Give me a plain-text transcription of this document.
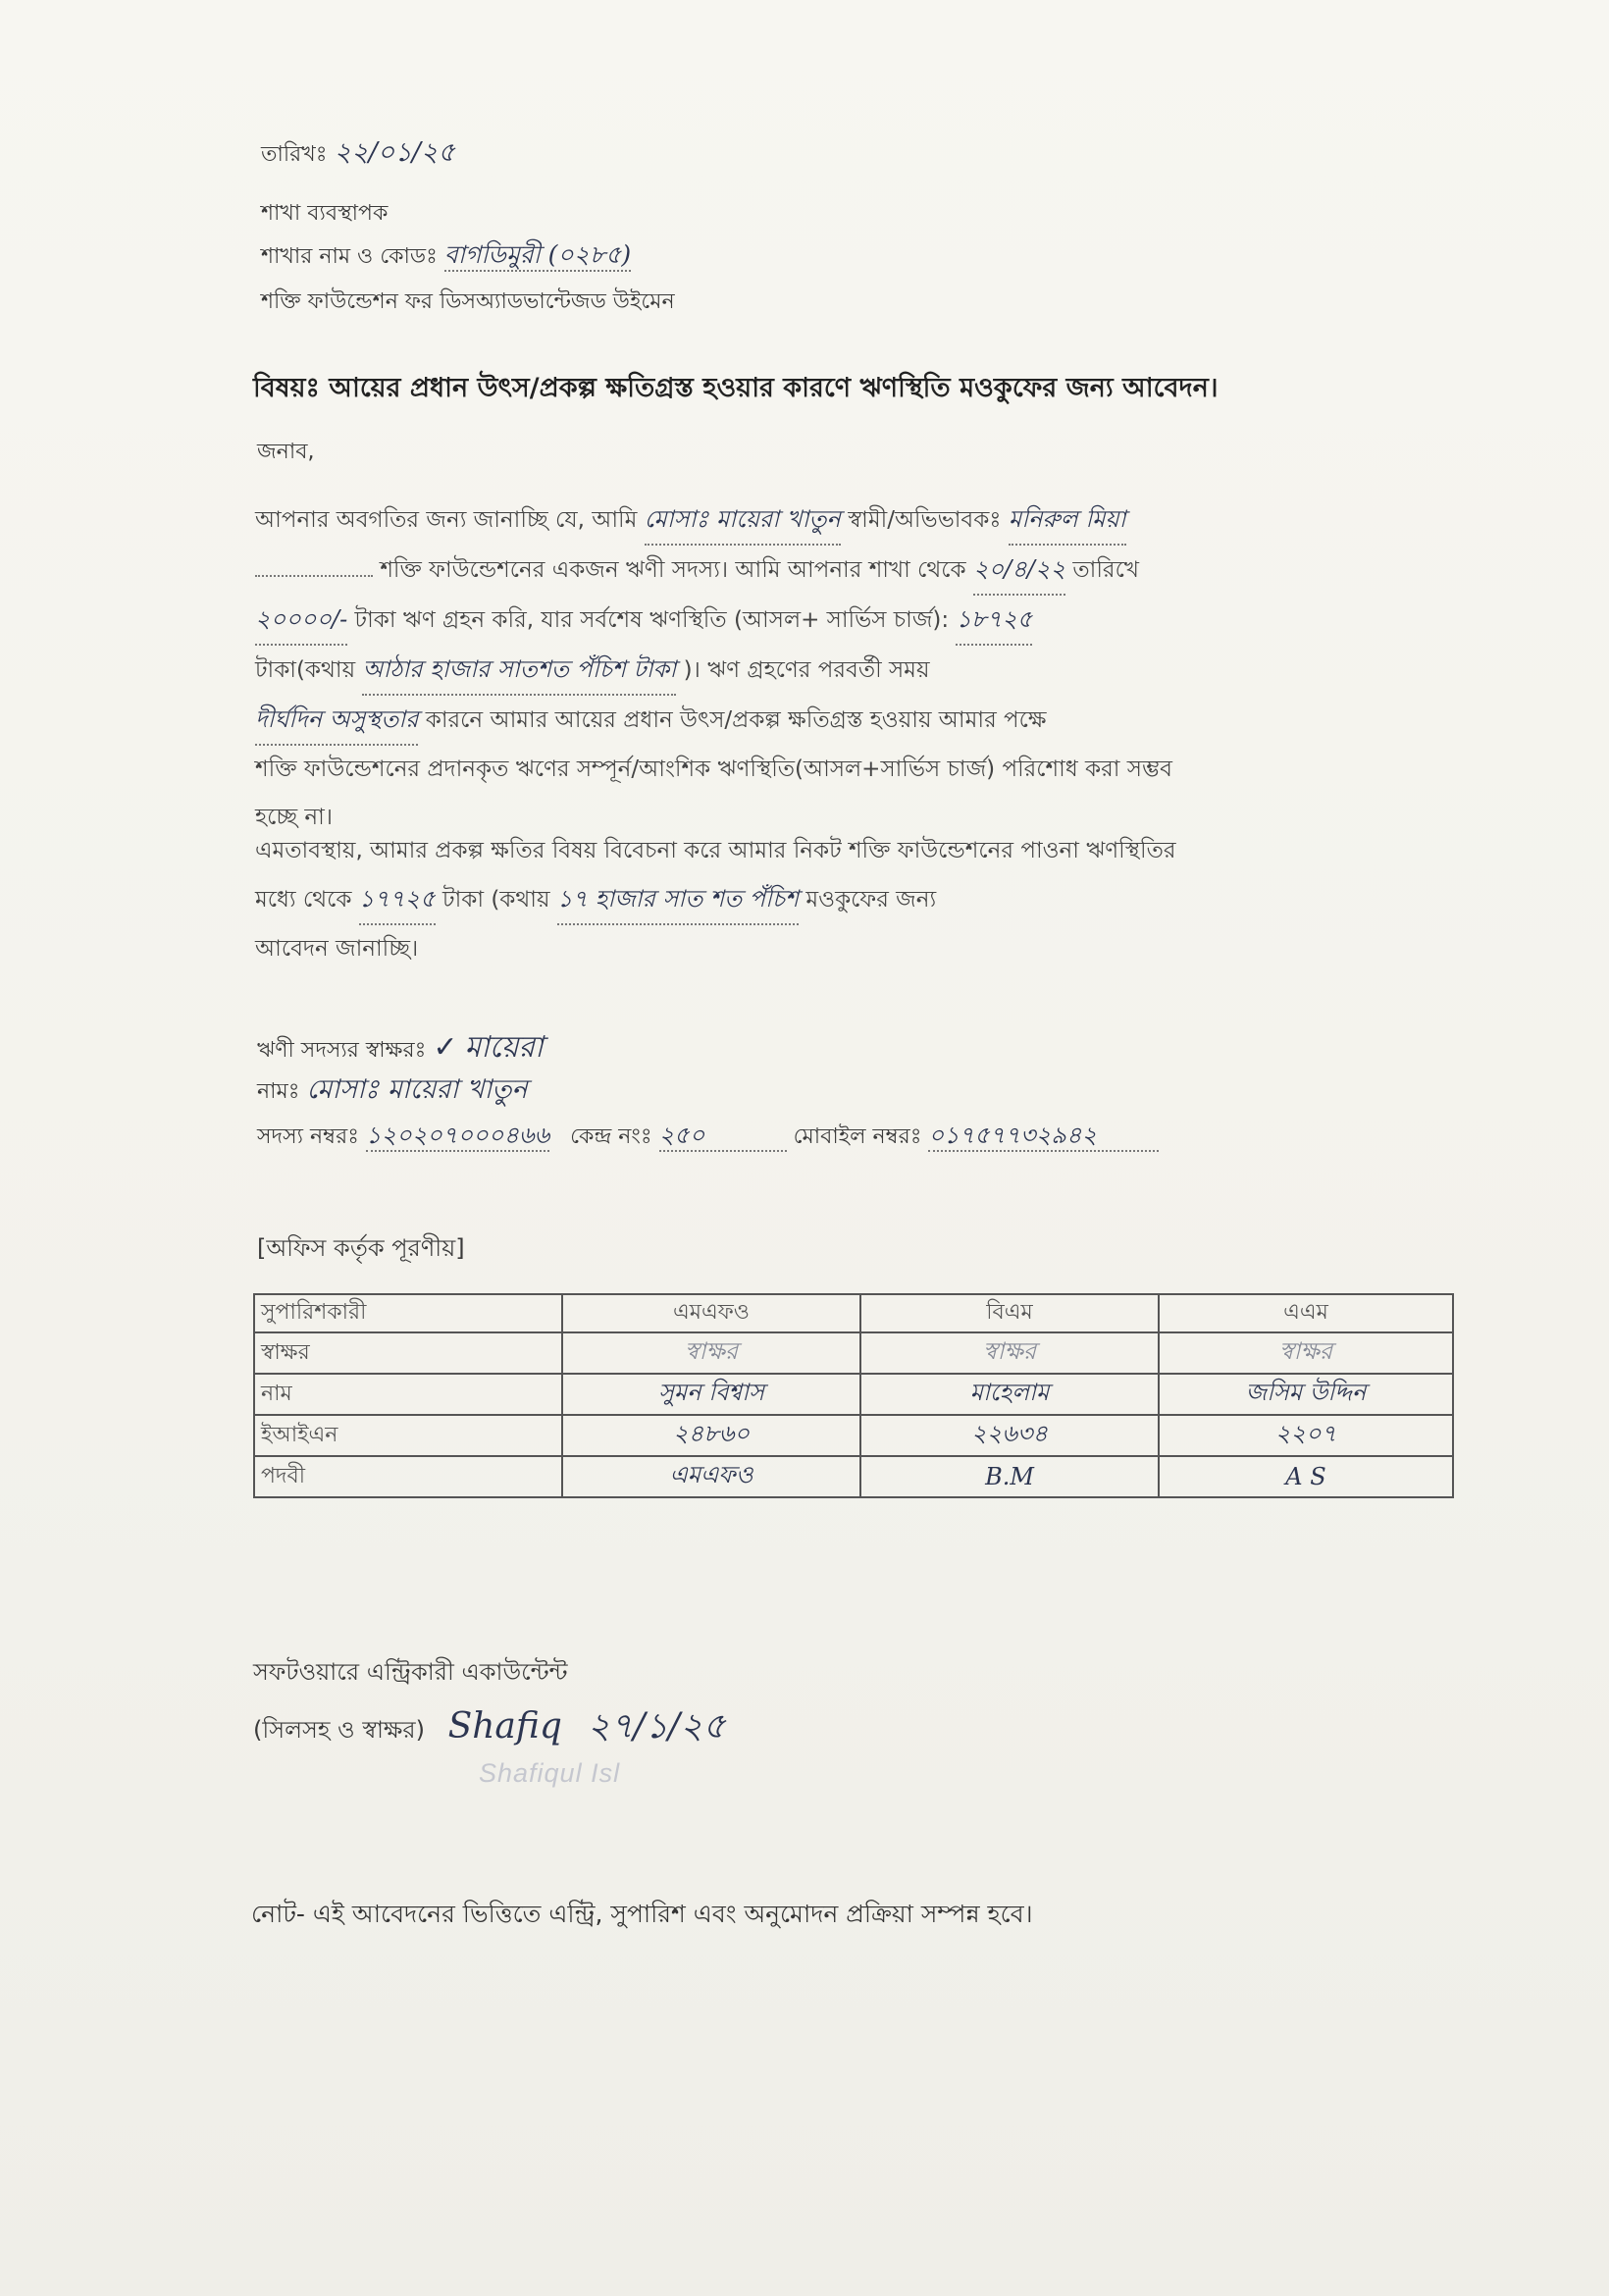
তারিখঃ ২২/০১/২৫
শাখা ব্যবস্থাপক
শাখার নাম ও কোডঃ বাগডিমুরী (০২৮৫)
শক্তি ফাউন্ডেশন ফর ডিসঅ্যাডভান্টেজড উইমেন
বিষয়ঃ আয়ের প্রধান উৎস/প্রকল্প ক্ষতিগ্রস্ত হওয়ার কারণে ঋণস্থিতি মওকুফের জন্য আবেদন।
জনাব,
আপনার অবগতির জন্য জানাচ্ছি যে, আমি মোসাঃ মায়েরা খাতুন স্বামী/অভিভাবকঃ মনিরুল মিয়া
শক্তি ফাউন্ডেশনের একজন ঋণী সদস্য। আমি আপনার শাখা থেকে ২০/৪/২২ তারিখে
২০০০০/- টাকা ঋণ গ্রহন করি, যার সর্বশেষ ঋণস্থিতি (আসল+ সার্ভিস চার্জ): ১৮৭২৫
টাকা(কথায় আঠার হাজার সাতশত পঁচিশ টাকা )। ঋণ গ্রহণের পরবর্তী সময়
দীর্ঘদিন অসুস্থতার কারনে আমার আয়ের প্রধান উৎস/প্রকল্প ক্ষতিগ্রস্ত হওয়ায় আমার পক্ষে
শক্তি ফাউন্ডেশনের প্রদানকৃত ঋণের সম্পূর্ন/আংশিক ঋণস্থিতি(আসল+সার্ভিস চার্জ) পরিশোধ করা সম্ভব
হচ্ছে না।
এমতাবস্থায়, আমার প্রকল্প ক্ষতির বিষয় বিবেচনা করে আমার নিকট শক্তি ফাউন্ডেশনের পাওনা ঋণস্থিতির
মধ্যে থেকে ১৭৭২৫ টাকা (কথায় ১৭ হাজার সাত শত পঁচিশ মওকুফের জন্য
আবেদন জানাচ্ছি।
ঋণী সদস্যর স্বাক্ষরঃ ✓ মায়েরা
নামঃ মোসাঃ মায়েরা খাতুন
সদস্য নম্বরঃ ১২০২০৭০০০৪৬৬ কেন্দ্র নংঃ ২৫০	মোবাইল নম্বরঃ ০১৭৫৭৭৩২৯৪২
[অফিস কর্তৃক পূরণীয়]
সুপারিশকারী	এমএফও	বিএম	এএম
স্বাক্ষর	স্বাক্ষর	স্বাক্ষর	স্বাক্ষর
নাম	সুমন বিশ্বাস	মাহেলাম	জসিম উদ্দিন
ইআইএন	২৪৮৬০	২২৬৩৪	২২০৭
পদবী	এমএফও	B.M	A S
সফটওয়ারে এন্ট্রিকারী একাউন্টেন্ট
(সিলসহ ও স্বাক্ষর) Shafiq ২৭/১/২৫
Shafiqul Isl
নোট- এই আবেদনের ভিত্তিতে এন্ট্রি, সুপারিশ এবং অনুমোদন প্রক্রিয়া সম্পন্ন হবে।
